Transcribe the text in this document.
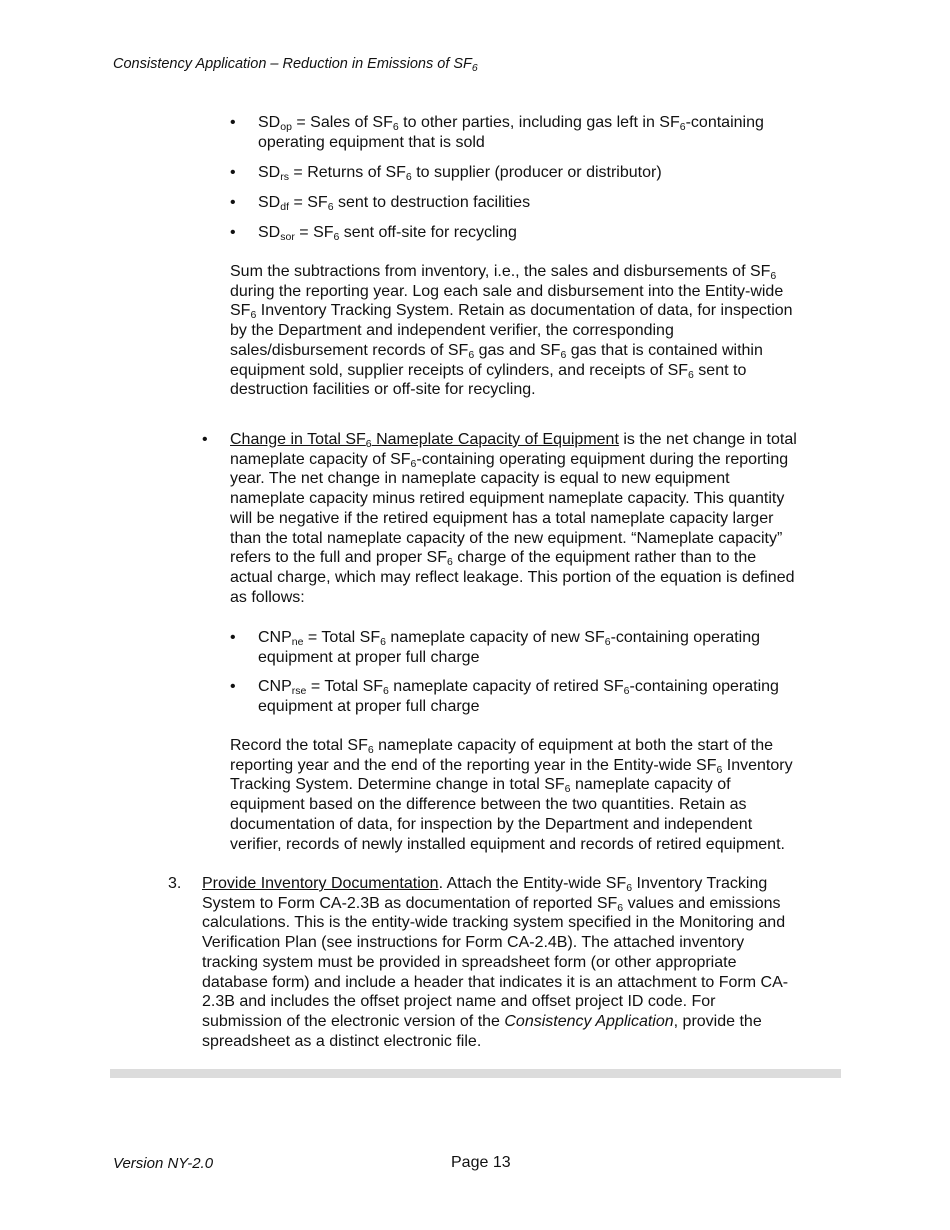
Consistency Application – Reduction in Emissions of $SF_6$
• $SD_{op}$ = Sales of $SF_6$ to other parties, including gas left in $SF_6$-containing
operating equipment that is sold
• $SD_{rs}$ = Returns of $SF_6$ to supplier (producer or distributor)
• $SD_{df} = SF_6$ sent to destruction facilities
• $SD_{sor} = SF_6$ sent off-site for recycling
Sum the subtractions from inventory, i.e., the sales and disbursements of $SF_6$
during the reporting year. Log each sale and disbursement into the Entity-wide
$SF_6$ Inventory Tracking System. Retain as documentation of data, for inspection
by the Department and independent verifier, the corresponding
sales/disbursement records of $SF_6$ gas and $SF_6$ gas that is contained within
equipment sold, supplier receipts of cylinders, and receipts of $SF_6$ sent to
destruction facilities or off-site for recycling.
• Change in Total $SF_6$ Nameplate Capacity of Equipment is the net change in total
nameplate capacity of $SF_6$-containing operating equipment during the reporting
year. The net change in nameplate capacity is equal to new equipment
nameplate capacity minus retired equipment nameplate capacity. This quantity
will be negative if the retired equipment has a total nameplate capacity larger
than the total nameplate capacity of the new equipment. “Nameplate capacity”
refers to the full and proper $SF_6$ charge of the equipment rather than to the
actual charge, which may reflect leakage. This portion of the equation is defined
as follows:
• $CNP_{ne}$ = Total $SF_6$ nameplate capacity of new $SF_6$-containing operating
equipment at proper full charge
• $CNP_{rse}$ = Total $SF_6$ nameplate capacity of retired $SF_6$-containing operating
equipment at proper full charge
Record the total $SF_6$ nameplate capacity of equipment at both the start of the
reporting year and the end of the reporting year in the Entity-wide $SF_6$ Inventory
Tracking System. Determine change in total $SF_6$ nameplate capacity of
equipment based on the difference between the two quantities. Retain as
documentation of data, for inspection by the Department and independent
verifier, records of newly installed equipment and records of retired equipment.
3. Provide Inventory Documentation. Attach the Entity-wide $SF_6$ Inventory Tracking
System to Form CA-2.3B as documentation of reported $SF_6$ values and emissions
calculations. This is the entity-wide tracking system specified in the Monitoring and
Verification Plan (see instructions for Form CA-2.4B). The attached inventory
tracking system must be provided in spreadsheet form (or other appropriate
database form) and include a header that indicates it is an attachment to Form CA-
2.3B and includes the offset project name and offset project ID code. For
submission of the electronic version of the Consistency Application, provide the
spreadsheet as a distinct electronic file.
Version NY-2.0	Page 13
